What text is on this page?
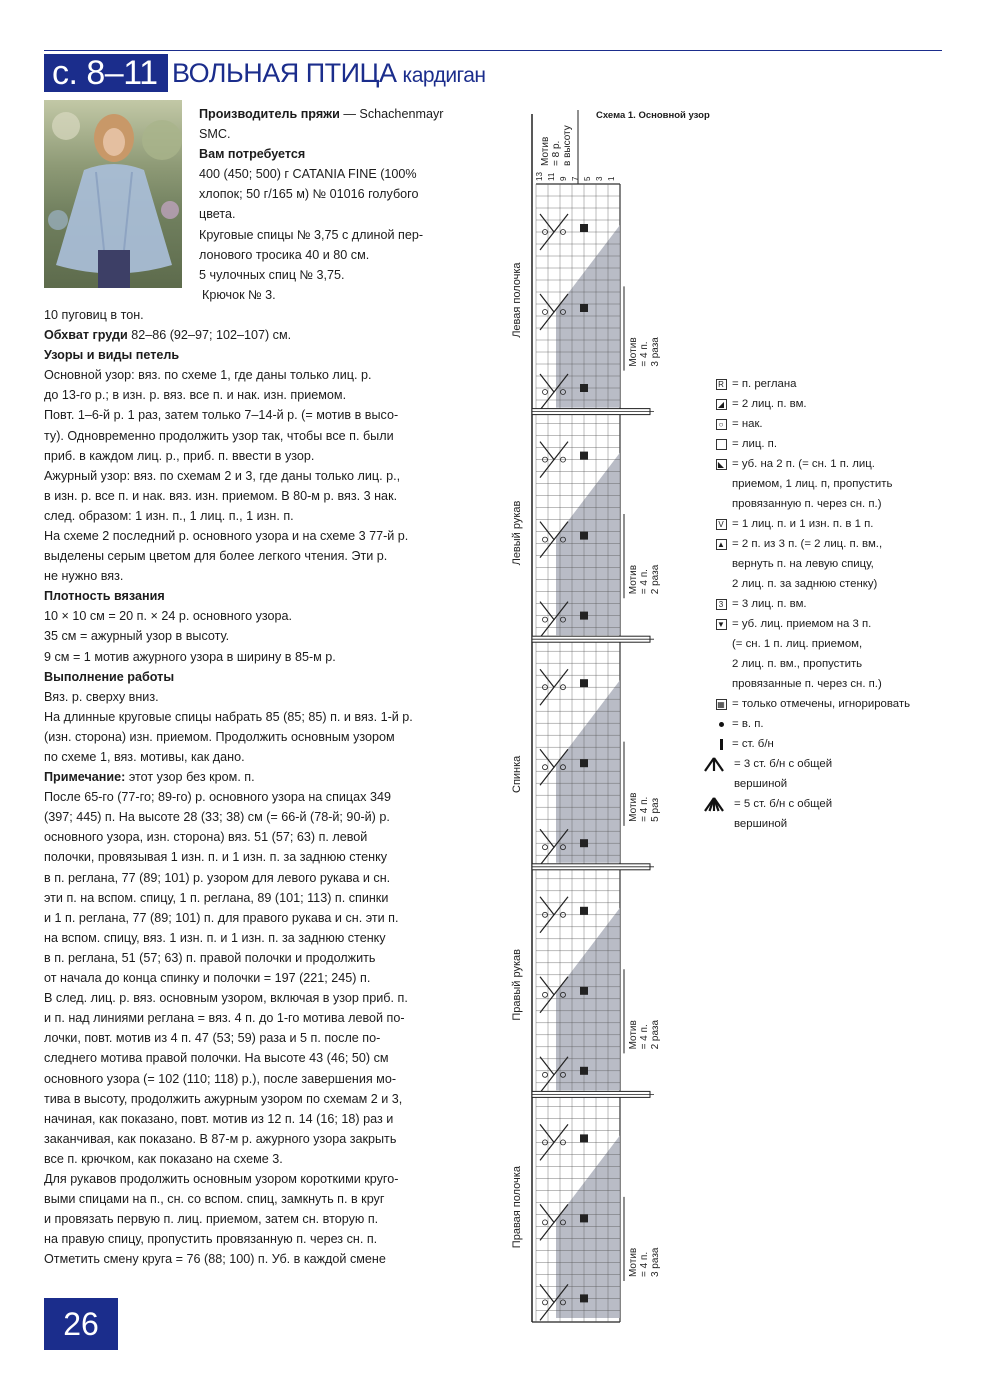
с. 8–11 ВОЛЬНАЯ ПТИЦА кардиган

Производитель пряжи — Schachenmayr

SMC.

Вам потребуется

400 (450; 500) г CATANIA FINE (100%

хлопок; 50 г/165 м) № 01016 голубого

цвета.

Круговые спицы № 3,75 с длиной пер-

лонового тросика 40 и 80 см.

5 чулочных спиц № 3,75.

Крючок № 3.

10 пуговиц в тон.

Обхват груди 82–86 (92–97; 102–107) см.

Узоры и виды петель

Основной узор: вяз. по схеме 1, где даны только лиц. р.

до 13-го р.; в изн. р. вяз. все п. и нак. изн. приемом.

Повт. 1–6-й р. 1 раз, затем только 7–14-й р. (= мотив в высо-

ту). Одновременно продолжить узор так, чтобы все п. были

приб. в каждом лиц. р., приб. п. ввести в узор.

Ажурный узор: вяз. по схемам 2 и 3, где даны только лиц. р.,

в изн. р. все п. и нак. вяз. изн. приемом. В 80-м р. вяз. 3 нак.

след. образом: 1 изн. п., 1 лиц. п., 1 изн. п.

На схеме 2 последний р. основного узора и на схеме 3 77-й р.

выделены серым цветом для более легкого чтения. Эти р.

не нужно вяз.

Плотность вязания

10 × 10 см = 20 п. × 24 р. основного узора.

35 см = ажурный узор в высоту.

9 см = 1 мотив ажурного узора в ширину в 85-м р.

Выполнение работы

Вяз. р. сверху вниз.

На длинные круговые спицы набрать 85 (85; 85) п. и вяз. 1-й р.

(изн. сторона) изн. приемом. Продолжить основным узором

по схеме 1, вяз. мотивы, как дано.

Примечание: этот узор без кром. п.

После 65-го (77-го; 89-го) р. основного узора на спицах 349

(397; 445) п. На высоте 28 (33; 38) см (= 66-й (78-й; 90-й) р.

основного узора, изн. сторона) вяз. 51 (57; 63) п. левой

полочки, провязывая 1 изн. п. и 1 изн. п. за заднюю стенку

в п. реглана, 77 (89; 101) р. узором для левого рукава и сн.

эти п. на вспом. спицу, 1 п. реглана, 89 (101; 113) п. спинки

и 1 п. реглана, 77 (89; 101) п. для правого рукава и сн. эти п.

на вспом. спицу, вяз. 1 изн. п. и 1 изн. п. за заднюю стенку

в п. реглана, 51 (57; 63) п. правой полочки и продолжить

от начала до конца спинку и полочки = 197 (221; 245) п.

В след. лиц. р. вяз. основным узором, включая в узор приб. п.

и п. над линиями реглана = вяз. 4 п. до 1-го мотива левой по-

лочки, повт. мотив из 4 п. 47 (53; 59) раза и 5 п. после по-

следнего мотива правой полочки. На высоте 43 (46; 50) см

основного узора (= 102 (110; 118) р.), после завершения мо-

тива в высоту, продолжить ажурным узором по схемам 2 и 3,

начиная, как показано, повт. мотив из 12 п. 14 (16; 18) раз и

заканчивая, как показано. В 87-м р. ажурного узора закрыть

все п. крючком, как показано на схеме 3.

Для рукавов продолжить основным узором короткими круго-

выми спицами на п., сн. со вспом. спиц, замкнуть п. в круг

и провязать первую п. лиц. приемом, затем сн. вторую п.

на правую спицу, пропустить провязанную п. через сн. п.

Отметить смену круга = 76 (88; 100) п. Уб. в каждой смене

Схема 1. Основной узор
Мотив= 8 р.в высоту
13 11 9 7 5 3 1
Левая полочка
Мотив= 4 п.3 раза
Левый рукав
Мотив= 4 п.2 раза
Спинка
Мотив= 4 п.5 раз
Правый рукав
Мотив= 4 п.2 раза
Правая полочка
Мотив= 4 п.3 раза
R = п. реглана
◢ = 2 лиц. п. вм.
○ = нак.
= лиц. п.
◣ = уб. на 2 п. (= сн. 1 п. лиц.
приемом, 1 лиц. п, пропустить
провязанную п. через сн. п.)
V = 1 лиц. п. и 1 изн. п. в 1 п.
▲ = 2 п. из 3 п. (= 2 лиц. п. вм.,
вернуть п. на левую спицу,
2 лиц. п. за заднюю стенку)
3 = 3 лиц. п. вм.
▼ = уб. лиц. приемом на 3 п.
(= сн. 1 п. лиц. приемом,
2 лиц. п. вм., пропустить
провязанные п. через сн. п.)
▦ = только отмечены, игнорировать
= в. п.
= ст. б/н
= 3 ст. б/н с общей
вершиной
= 5 ст. б/н с общей
вершиной
26
